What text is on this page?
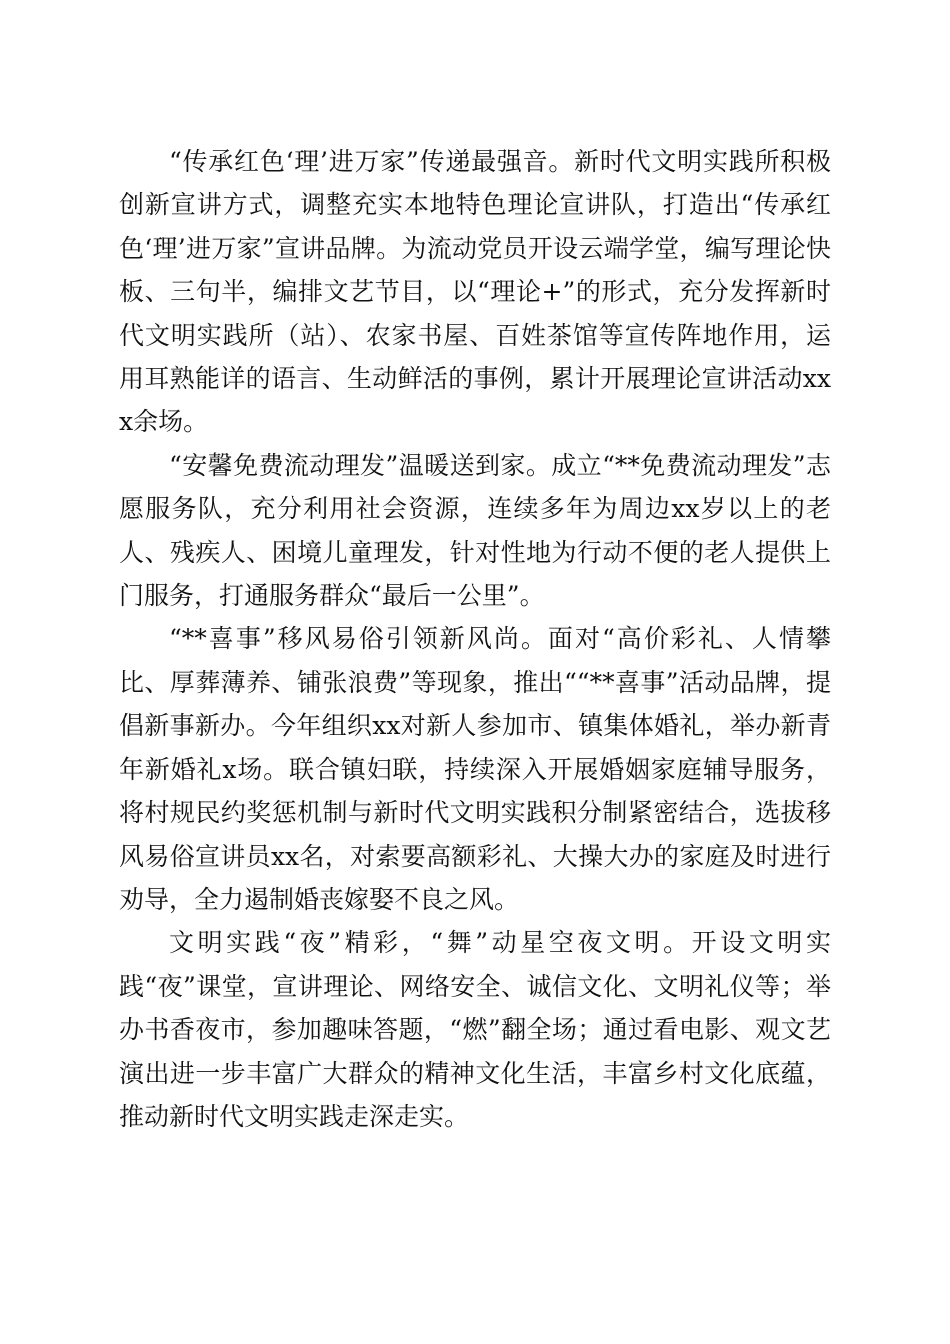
“传承红色‘理’进万家”传递最强音。新时代文明实践所积极创新宣讲方式，调整充实本地特色理论宣讲队，打造出“传承红色‘理’进万家”宣讲品牌。为流动党员开设云端学堂，编写理论快板、三句半，编排文艺节目，以“理论+”的形式，充分发挥新时代文明实践所（站）、农家书屋、百姓茶馆等宣传阵地作用，运用耳熟能详的语言、生动鲜活的事例，累计开展理论宣讲活动xxx余场。

“安馨免费流动理发”温暖送到家。成立“**免费流动理发”志愿服务队，充分利用社会资源，连续多年为周边xx岁以上的老人、残疾人、困境儿童理发，针对性地为行动不便的老人提供上门服务，打通服务群众“最后一公里”。

“**喜事”移风易俗引领新风尚。面对“高价彩礼、人情攀比、厚葬薄养、铺张浪费”等现象，推出““**喜事”活动品牌，提倡新事新办。今年组织xx对新人参加市、镇集体婚礼，举办新青年新婚礼x场。联合镇妇联，持续深入开展婚姻家庭辅导服务，将村规民约奖惩机制与新时代文明实践积分制紧密结合，选拔移风易俗宣讲员xx名，对索要高额彩礼、大操大办的家庭及时进行劝导，全力遏制婚丧嫁娶不良之风。

文明实践“夜”精彩，“舞”动星空夜文明。开设文明实践“夜”课堂，宣讲理论、网络安全、诚信文化、文明礼仪等；举办书香夜市，参加趣味答题，“燃”翻全场；通过看电影、观文艺演出进一步丰富广大群众的精神文化生活，丰富乡村文化底蕴，推动新时代文明实践走深走实。
